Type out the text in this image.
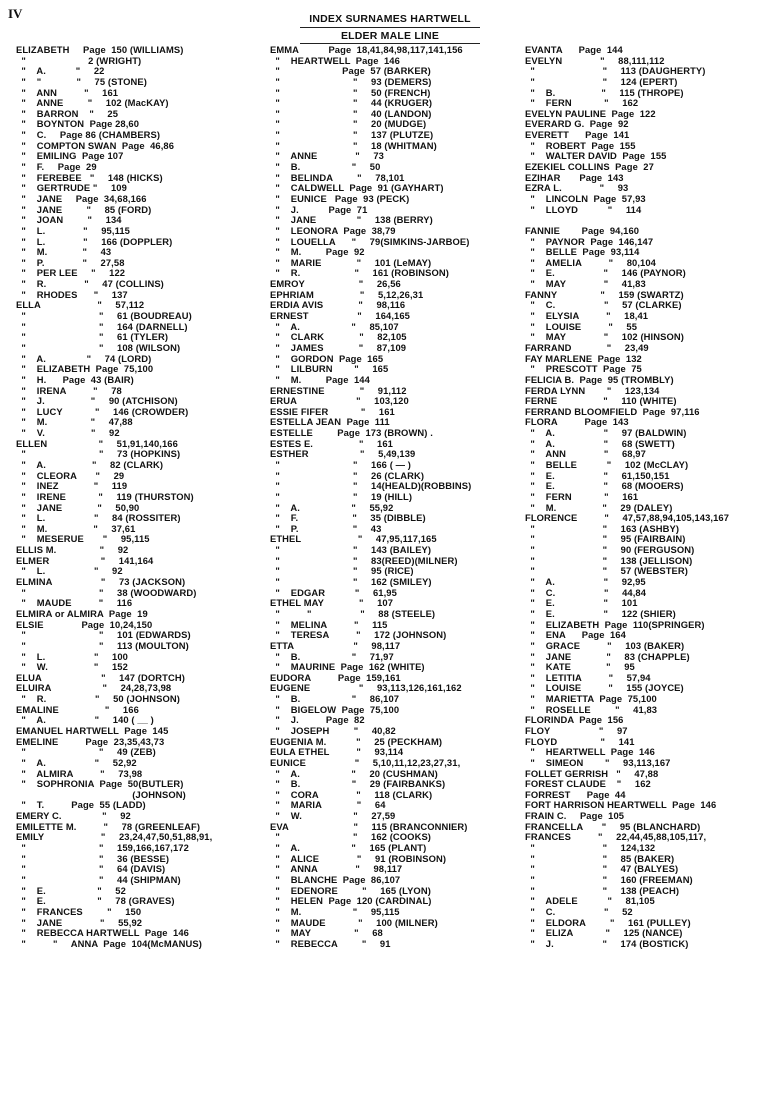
IV	INDEX SURNAMES HARTWELL
ELDER MALE LINE
ELIZABETH     Page  150 (WILLIAMS)
"                       2 (WRIGHT)
"    A.           "     22
"    "             "     75 (STONE)
"    ANN          "     161
"    ANNE         "     102 (MacKAY)
"    BARRON    "     25
"    BOYNTON  Page 28,60
"    C.     Page 86 (CHAMBERS)
"    COMPTON SWAN  Page  46,86
"    EMILING  Page 107
"    F.     Page  29
"    FEREBEE   "     148 (HICKS)
"    GERTRUDE "     109
"    JANE     Page  34,68,166
"    JANE         "     85 (FORD)
"    JOAN         "     134
"    L.              "     95,115
"    L.              "     166 (DOPPLER)
"    M.             "     43
"    P.              "     27,58
"    PER LEE     "     122
"    R.              "     47 (COLLINS)
"    RHODES      "     137
ELLA                     "     57,112
"                           "     61 (BOUDREAU)
"                           "     164 (DARNELL)
"                           "     61 (TYLER)
"                           "     108 (WILSON)
"    A.               "     74 (LORD)
"    ELIZABETH  Page  75,100
"    H.      Page  43 (BAIR)
"    IRENA          "     78
"    J.                 "     90 (ATCHISON)
"    LUCY            "     146 (CROWDER)
"    M.                "     47,88
"    V.                 "     92
ELLEN                   "     51,91,140,166
"                           "     73 (HOPKINS)
"    A.                 "     82 (CLARK)
"    CLEORA       "     29
"    INEZ             "     119
"    IRENE            "     119 (THURSTON)
"    JANE             "     50,90
"    L.                  "     84 (ROSSITER)
"    M.                 "     37,61
"    MESERUE       "     95,115
ELLIS M.                "     92
ELMER                   "     141,164
"    L.                  "     92
ELMINA                  "     73 (JACKSON)
"                           "     38 (WOODWARD)
"    MAUDE          "     116
ELMIRA or ALMIRA  Page  19
ELSIE              Page  10,24,150
"                           "     101 (EDWARDS)
"                           "     113 (MOULTON)
"    L.                  "     100
"    W.                 "     152
ELUA                      "     147 (DORTCH)
ELUIRA                   "     24,28,73,98
"    R.                  "     50 (JOHNSON)
EMALINE                 "     166
"    A.                  "     140 ( __ )
EMANUEL HARTWELL  Page  145
EMELINE          Page  23,35,43,73
"                           "     49 (ZEB)
"    A.                  "     52,92
"    ALMIRA          "     73,98
"    SOPHRONIA  Page  50(BUTLER)
(JOHNSON)
"    T.          Page  55 (LADD)
EMERY C.               "     92
EMILETTE M.          "     78 (GREENLEAF)
EMILY                     "     23,24,47,50,51,88,91,
"                           "     159,166,167,172
"                           "     36 (BESSE)
"                           "     64 (DAVIS)
"                           "     44 (SHIPMAN)
"    E.                   "     52
"    E.                   "     78 (GRAVES)
"    FRANCES         "     150
"    JANE              "     55,92
"    REBECCA HARTWELL  Page  146
"          "     ANNA  Page  104(McMANUS)
EMMA           Page  18,41,84,98,117,141,156
"    HEARTWELL  Page  146
"                       Page  57 (BARKER)
"                           "     93 (DEMERS)
"                           "     50 (FRENCH)
"                           "     44 (KRUGER)
"                           "     40 (LANDON)
"                           "     20 (MUDGE)
"                           "     137 (PLUTZE)
"                           "     18 (WHITMAN)
"    ANNE              "     73
"    B.                   "     50
"    BELINDA         "     78,101
"    CALDWELL  Page  91 (GAYHART)
"    EUNICE   Page  93 (PECK)
"    J.           Page  71
"    JANE               "     138 (BERRY)
"    LEONORA  Page  38,79
"    LOUELLA      "     79(SIMKINS-JARBOE)
"    M.         Page  92
"    MARIE             "     101 (LeMAY)
"    R.                    "     161 (ROBINSON)
EMROY                    "     26,56
EPHRIAM                 "     5,12,26,31
ERDIA AVIS             "     98,116
ERNEST                  "     164,165
"    A.                   "     85,107
"    CLARK             "     82,105
"    JAMES             "     87,109
"    GORDON  Page  165
"    LILBURN        "     165
"    M.         Page  144
ERNESTINE             "     91,112
ERUA                      "     103,120
ESSIE FIFER            "     161
ESTELLA JEAN  Page  111
ESTELLE         Page  173 (BROWN) .
ESTES E.                 "     161
ESTHER                   "     5,49,139
"                           "     166 ( — )
"                           "     26 (CLARK)
"                           "     14(HEALD)(ROBBINS)
"                           "     19 (HILL)
"    A.                   "     55,92
"    F.                    "     35 (DIBBLE)
"    P.                    "     43
ETHEL                     "     47,95,117,165
"                           "     143 (BAILEY)
"                           "     83(REED)(MILNER)
"                           "     95 (RICE)
"                           "     162 (SMILEY)
"    EDGAR           "     61,95
ETHEL MAY             "     107
"          "                  "     88 (STEELE)
"    MELINA          "     115
"    TERESA          "     172 (JOHNSON)
ETTA                      "     98,117
"    B.                   "     71,97
"    MAURINE  Page  162 (WHITE)
EUDORA          Page  159,161
EUGENE                  "     93,113,126,161,162
"    B.                   "     86,107
"    BIGELOW  Page  75,100
"    J.          Page  82
"    JOSEPH         "     40,82
EUGENIA M.           "     25 (PECKHAM)
EULA ETHEL          "     93,114
EUNICE                  "     5,10,11,12,23,27,31,
"    A.                   "     20 (CUSHMAN)
"    B.                   "     29 (FAIRBANKS)
"    CORA              "     118 (CLARK)
"    MARIA             "     64
"    W.                   "     27,59
EVA                        "     115 (BRANCONNIER)
"                           "     162 (COOKS)
"    A.                   "     165 (PLANT)
"    ALICE              "     91 (ROBINSON)
"    ANNA              "     98,117
"    BLANCHE  Page  86,107
"    EDENORE         "     165 (LYON)
"    HELEN  Page  120 (CARDINAL)
"    M.                   "     95,115
"    MAUDE            "     100 (MILNER)
"    MAY                "     68
"    REBECCA         "     91
EVANTA      Page  144
EVELYN              "     88,111,112
"                         "     113 (DAUGHERTY)
"                         "     124 (EPERT)
"    B.                 "     115 (THROPE)
"    FERN            "     162
EVELYN PAULINE  Page  122
EVERARD G.  Page  92
EVERETT      Page  141
"    ROBERT  Page  155
"    WALTER DAVID  Page  155
EZEKIEL COLLINS  Page  27
EZIHAR       Page  143
EZRA L.              "     93
"    LINCOLN  Page  57,93
"    LLOYD           "     114
FANNIE        Page  94,160
"    PAYNOR  Page  146,147
"    BELLE  Page  93,114
"    AMELIA          "     80,104
"    E.                  "     146 (PAYNOR)
"    MAY              "     41,83
FANNY                "     159 (SWARTZ)
"    C.                  "     57 (CLARKE)
"    ELYSIA          "     18,41
"    LOUISE          "     55
"    MAY              "     102 (HINSON)
FARRAND             "     23,49
FAY MARLENE  Page  132
"    PRESCOTT  Page  75
FELICIA B.  Page  95 (TROMBLY)
FERDA LYNN        "     123,134
FERNE                 "     110 (WHITE)
FERRAND BLOOMFIELD  Page  97,116
FLORA          Page  143
"    A.                  "     97 (BALDWIN)
"    A.                  "     68 (SWETT)
"    ANN              "     68,97
"    BELLE           "     102 (McCLAY)
"    E.                  "     61,150,151
"    E.                  "     68 (MOOERS)
"    FERN            "     161
"    M.                 "     29 (DALEY)
FLORENCE          "     47,57,88,94,105,143,167
"                         "     163 (ASHBY)
"                         "     95 (FAIRBAIN)
"                         "     90 (FERGUSON)
"                         "     138 (JELLISON)
"                         "     57 (WEBSTER)
"    A.                  "     92,95
"    C.                  "     44,84
"    E.                  "     101
"    E.                  "     122 (SHIER)
"    ELIZABETH  Page  110(SPRINGER)
"    ENA      Page  164
"    GRACE          "     103 (BAKER)
"    JANE             "     83 (CHAPPLE)
"    KATE             "     95
"    LETITIA          "     57,94
"    LOUISE          "     155 (JOYCE)
"    MARIETTA  Page  75,100
"    ROSELLE         "     41,83
FLORINDA  Page  156
FLOY                  "     97
FLOYD                "     141
"    HEARTWELL  Page  146
"    SIMEON        "     93,113,167
FOLLET GERRISH   "     47,88
FOREST CLAUDE    "     162
FORREST      Page  44
FORT HARRISON HEARTWELL  Page  146
FRAIN C.     Page  105
FRANCELLA       "     95 (BLANCHARD)
FRANCES          "     22,44,45,88,105,117,
"                         "     124,132
"                         "     85 (BAKER)
"                         "     47 (BALYES)
"                         "     160 (FREEMAN)
"                         "     138 (PEACH)
"    ADELE           "     81,105
"    C.                  "     52
"    ELDORA         "     161 (PULLEY)
"    ELIZA            "     125 (NANCE)
"    J.                  "     174 (BOSTICK)
